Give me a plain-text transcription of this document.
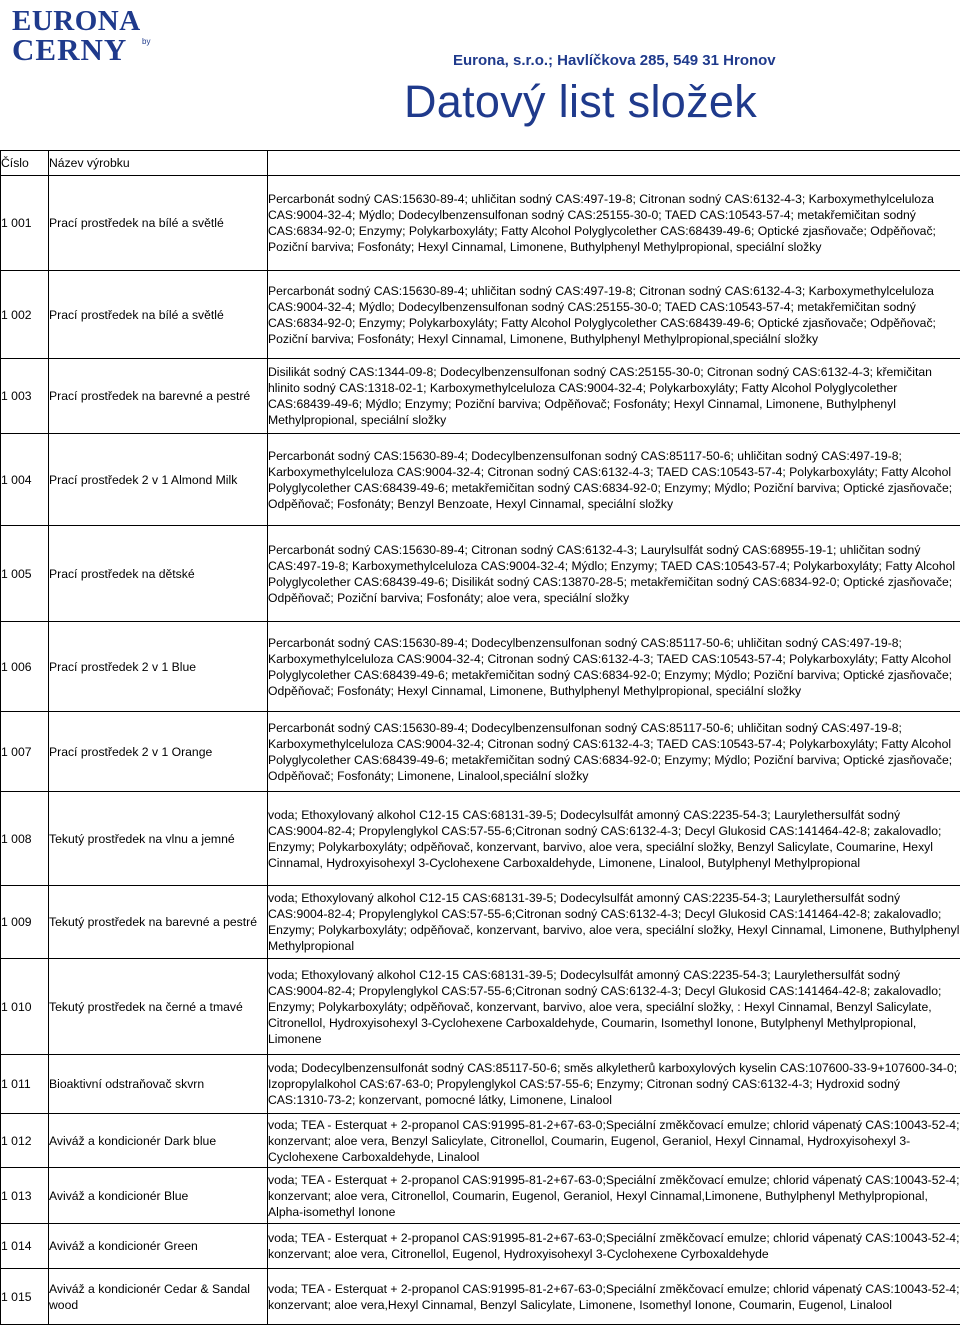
EURONA
CERNY by
Eurona, s.r.o.; Havlíčkova 285, 549 31 Hronov
Datový list složek
Číslo	Název výrobku	
1 001	Prací prostředek na bílé a světlé	Percarbonát sodný CAS:15630-89-4; uhličitan sodný CAS:497-19-8; Citronan sodný CAS:6132-4-3; Karboxymethylceluloza CAS:9004-32-4; Mýdlo; Dodecylbenzensulfonan sodný CAS:25155-30-0; TAED CAS:10543-57-4; metakřemičitan sodný CAS:6834-92-0; Enzymy; Polykarboxyláty; Fatty Alcohol Polyglycolether CAS:68439-49-6; Optické zjasňovače; Odpěňovač; Poziční barviva; Fosfonáty; Hexyl Cinnamal, Limonene, Buthylphenyl Methylpropional, speciální složky
1 002	Prací prostředek na bílé a světlé	Percarbonát sodný CAS:15630-89-4; uhličitan sodný CAS:497-19-8; Citronan sodný CAS:6132-4-3; Karboxymethylceluloza CAS:9004-32-4; Mýdlo; Dodecylbenzensulfonan sodný CAS:25155-30-0; TAED CAS:10543-57-4; metakřemičitan sodný CAS:6834-92-0; Enzymy; Polykarboxyláty; Fatty Alcohol Polyglycolether CAS:68439-49-6; Optické zjasňovače; Odpěňovač; Poziční barviva; Fosfonáty; Hexyl Cinnamal, Limonene, Buthylphenyl Methylpropional,speciální složky
1 003	Prací prostředek na barevné a pestré	Disilikát sodný CAS:1344-09-8; Dodecylbenzensulfonan sodný CAS:25155-30-0; Citronan sodný CAS:6132-4-3; křemičitan hlinito sodný CAS:1318-02-1; Karboxymethylceluloza CAS:9004-32-4; Polykarboxyláty; Fatty Alcohol Polyglycolether CAS:68439-49-6; Mýdlo; Enzymy; Poziční barviva; Odpěňovač; Fosfonáty; Hexyl Cinnamal, Limonene, Buthylphenyl Methylpropional, speciální složky
1 004	Prací prostředek 2 v 1 Almond Milk	Percarbonát sodný CAS:15630-89-4; Dodecylbenzensulfonan sodný CAS:85117-50-6; uhličitan sodný CAS:497-19-8; Karboxymethylceluloza CAS:9004-32-4; Citronan sodný CAS:6132-4-3; TAED CAS:10543-57-4; Polykarboxyláty; Fatty Alcohol Polyglycolether CAS:68439-49-6; metakřemičitan sodný CAS:6834-92-0; Enzymy; Mýdlo; Poziční barviva; Optické zjasňovače; Odpěňovač; Fosfonáty; Benzyl Benzoate, Hexyl Cinnamal, speciální složky
1 005	Prací prostředek na dětské	Percarbonát sodný CAS:15630-89-4; Citronan sodný CAS:6132-4-3; Laurylsulfát sodný CAS:68955-19-1; uhličitan sodný CAS:497-19-8; Karboxymethylceluloza CAS:9004-32-4; Mýdlo; Enzymy; TAED CAS:10543-57-4; Polykarboxyláty; Fatty Alcohol Polyglycolether CAS:68439-49-6; Disilikát sodný CAS:13870-28-5; metakřemičitan sodný CAS:6834-92-0; Optické zjasňovače; Odpěňovač; Poziční barviva; Fosfonáty; aloe vera, speciální složky
1 006	Prací prostředek 2 v 1 Blue	Percarbonát sodný CAS:15630-89-4; Dodecylbenzensulfonan sodný CAS:85117-50-6; uhličitan sodný CAS:497-19-8; Karboxymethylceluloza CAS:9004-32-4; Citronan sodný CAS:6132-4-3; TAED CAS:10543-57-4; Polykarboxyláty; Fatty Alcohol Polyglycolether CAS:68439-49-6; metakřemičitan sodný CAS:6834-92-0; Enzymy; Mýdlo; Poziční barviva; Optické zjasňovače; Odpěňovač; Fosfonáty; Hexyl Cinnamal, Limonene, Buthylphenyl Methylpropional, speciální složky
1 007	Prací prostředek 2 v 1 Orange	Percarbonát sodný CAS:15630-89-4; Dodecylbenzensulfonan sodný CAS:85117-50-6; uhličitan sodný CAS:497-19-8; Karboxymethylceluloza CAS:9004-32-4; Citronan sodný CAS:6132-4-3; TAED CAS:10543-57-4; Polykarboxyláty; Fatty Alcohol Polyglycolether CAS:68439-49-6; metakřemičitan sodný CAS:6834-92-0; Enzymy; Mýdlo; Poziční barviva; Optické zjasňovače; Odpěňovač; Fosfonáty; Limonene, Linalool,speciální složky
1 008	Tekutý prostředek na vlnu a jemné	voda; Ethoxylovaný alkohol C12-15 CAS:68131-39-5; Dodecylsulfát amonný CAS:2235-54-3; Laurylethersulfát sodný CAS:9004-82-4; Propylenglykol CAS:57-55-6;Citronan sodný CAS:6132-4-3; Decyl Glukosid CAS:141464-42-8; zakalovadlo; Enzymy; Polykarboxyláty; odpěňovač, konzervant, barvivo, aloe vera, speciální složky, Benzyl Salicylate, Coumarine, Hexyl Cinnamal, Hydroxyisohexyl 3-Cyclohexene Carboxaldehyde, Limonene, Linalool, Butylphenyl Methylpropional
1 009	Tekutý prostředek na barevné a pestré	voda; Ethoxylovaný alkohol C12-15 CAS:68131-39-5; Dodecylsulfát amonný CAS:2235-54-3; Laurylethersulfát sodný CAS:9004-82-4; Propylenglykol CAS:57-55-6;Citronan sodný CAS:6132-4-3; Decyl Glukosid CAS:141464-42-8; zakalovadlo; Enzymy; Polykarboxyláty; odpěňovač, konzervant, barvivo, aloe vera, speciální složky, Hexyl Cinnamal, Limonene, Buthylphenyl Methylpropional
1 010	Tekutý prostředek na černé a tmavé	voda; Ethoxylovaný alkohol C12-15 CAS:68131-39-5; Dodecylsulfát amonný CAS:2235-54-3; Laurylethersulfát sodný CAS:9004-82-4; Propylenglykol CAS:57-55-6;Citronan sodný CAS:6132-4-3; Decyl Glukosid CAS:141464-42-8; zakalovadlo; Enzymy; Polykarboxyláty; odpěňovač, konzervant, barvivo, aloe vera, speciální složky, : Hexyl Cinnamal, Benzyl Salicylate, Citronellol, Hydroxyisohexyl 3-Cyclohexene Carboxaldehyde, Coumarin, Isomethyl Ionone, Butylphenyl Methylpropional, Limonene
1 011	Bioaktivní odstraňovač skvrn	voda; Dodecylbenzensulfonát sodný CAS:85117-50-6; směs alkyletherů karboxylových kyselin CAS:107600-33-9+107600-34-0; Izopropylalkohol CAS:67-63-0; Propylenglykol CAS:57-55-6; Enzymy; Citronan sodný CAS:6132-4-3; Hydroxid sodný CAS:1310-73-2; konzervant, pomocné látky, Limonene, Linalool
1 012	Aviváž a kondicionér Dark blue	voda; TEA - Esterquat + 2-propanol CAS:91995-81-2+67-63-0;Speciální změkčovací emulze; chlorid vápenatý CAS:10043-52-4; konzervant; aloe vera, Benzyl Salicylate, Citronellol, Coumarin, Eugenol, Geraniol, Hexyl Cinnamal, Hydroxyisohexyl 3-Cyclohexene Carboxaldehyde, Linalool
1 013	Aviváž a kondicionér Blue	voda; TEA - Esterquat + 2-propanol CAS:91995-81-2+67-63-0;Speciální změkčovací emulze; chlorid vápenatý CAS:10043-52-4; konzervant; aloe vera, Citronellol, Coumarin, Eugenol, Geraniol, Hexyl Cinnamal,Limonene, Buthylphenyl Methylpropional, Alpha-isomethyl Ionone
1 014	Aviváž a kondicionér Green	voda; TEA - Esterquat + 2-propanol CAS:91995-81-2+67-63-0;Speciální změkčovací emulze; chlorid vápenatý CAS:10043-52-4; konzervant; aloe vera, Citronellol, Eugenol, Hydroxyisohexyl 3-Cyclohexene Cyrboxaldehyde
1 015	Aviváž a kondicionér Cedar & Sandal wood	voda; TEA - Esterquat + 2-propanol CAS:91995-81-2+67-63-0;Speciální změkčovací emulze; chlorid vápenatý CAS:10043-52-4; konzervant; aloe vera,Hexyl Cinnamal, Benzyl Salicylate, Limonene, Isomethyl Ionone, Coumarin, Eugenol, Linalool
